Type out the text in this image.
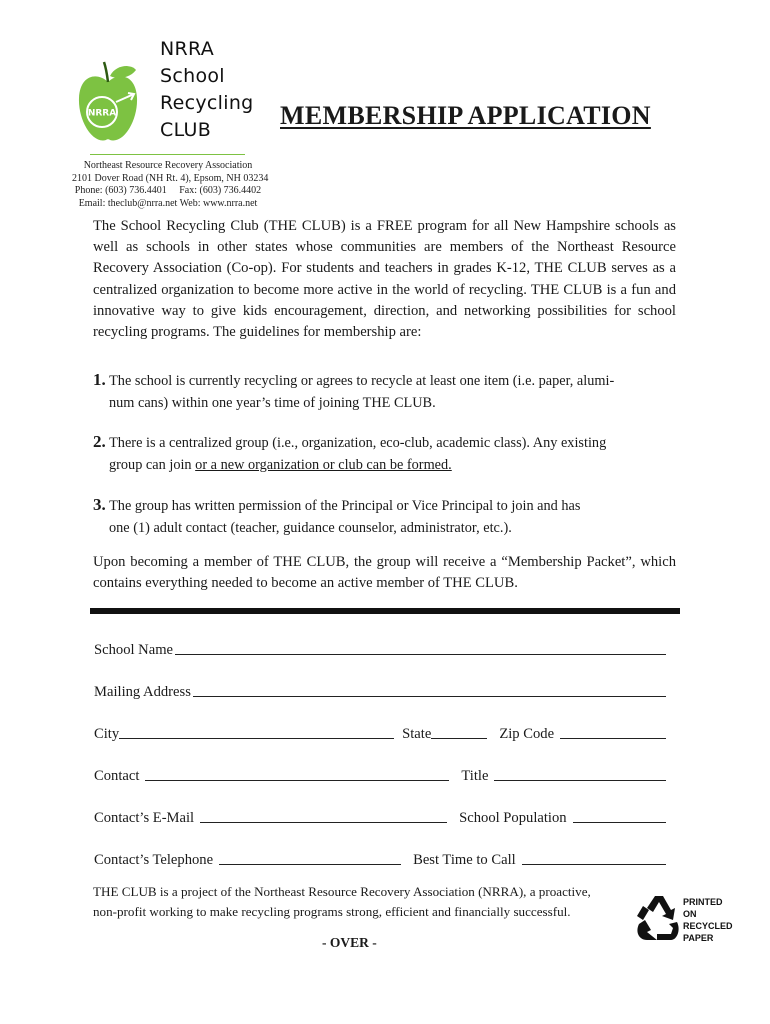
NRRA
NRRA
School
Recycling
CLUB	MEMBERSHIP APPLICATION
Northeast Resource Recovery Association
2101 Dover Road (NH Rt. 4), Epsom, NH 03234
Phone: (603) 736.4401     Fax: (603) 736.4402
Email: theclub@nrra.net Web: www.nrra.net
The School Recycling Club (THE CLUB) is a FREE program for all New Hampshire schools as well as schools in other states whose communities are members of the Northeast Resource Recovery Association (Co-op). For students and teachers in grades K-12, THE CLUB serves as a centralized organization to become more active in the world of recycling. THE CLUB is a fun and innovative way to give kids encouragement, direction, and networking possibilities for school recycling programs. The guidelines for membership are:
1. The school is currently recycling or agrees to recycle at least one item (i.e. paper, alumi-
num cans) within one year’s time of joining THE CLUB.
2. There is a centralized group (i.e., organization, eco-club, academic class). Any existing
group can join or a new organization or club can be formed.
3. The group has written permission of the Principal or Vice Principal to join and has
one (1) adult contact (teacher, guidance counselor, administrator, etc.).
Upon becoming a member of THE CLUB, the group will receive a “Membership Packet”, which contains everything needed to become an active member of THE CLUB.
School Name
Mailing Address
City	State	Zip Code
Contact	Title
Contact’s E-Mail	School Population
Contact’s Telephone	Best Time to Call
THE CLUB is a project of the Northeast Resource Recovery Association (NRRA), a proactive,
non-profit working to make recycling programs strong, efficient and financially successful.
- OVER -
PRINTED
ON
RECYCLED
PAPER
